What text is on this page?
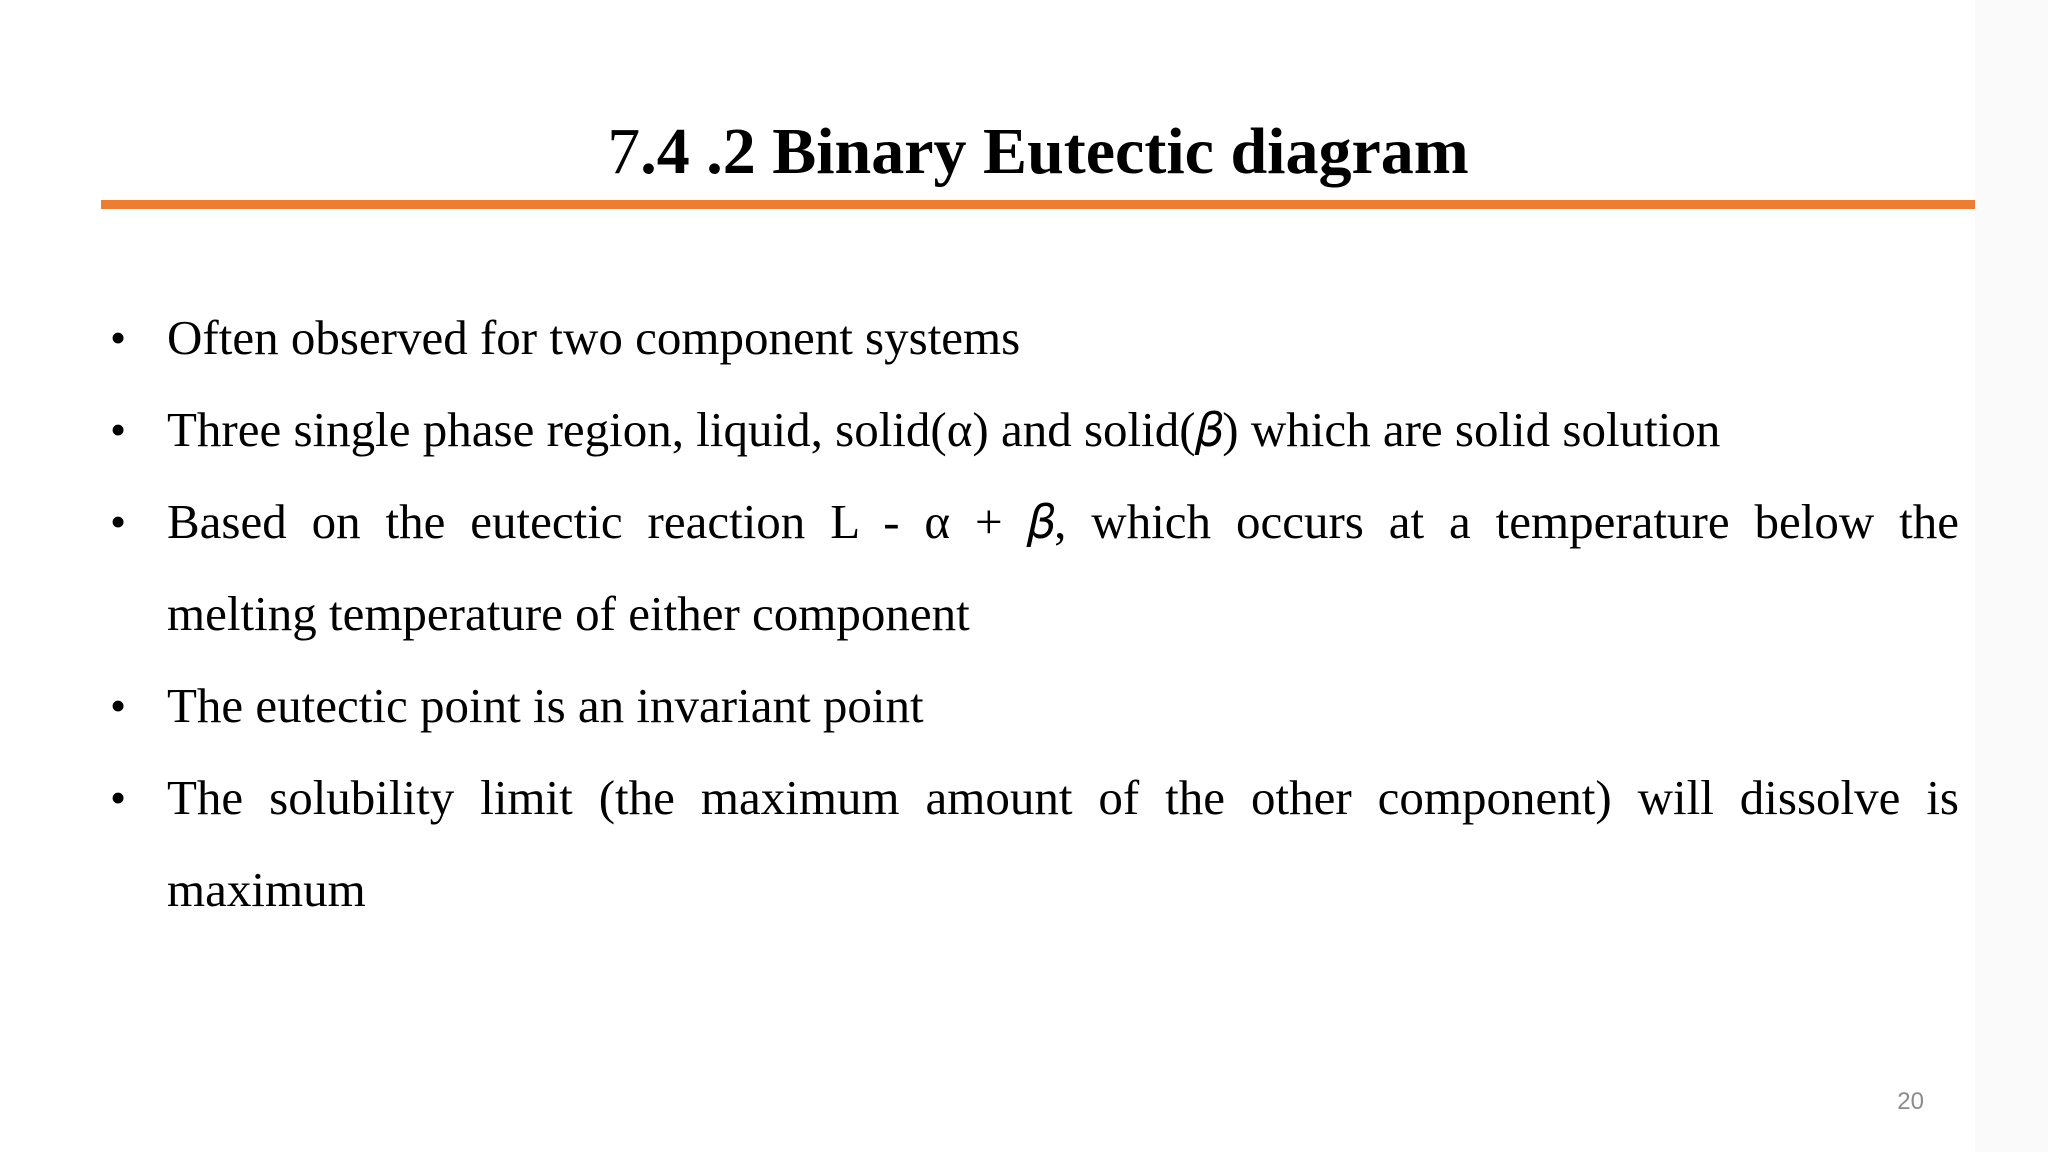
7.4 .2 Binary Eutectic diagram
• Often observed for two component systems
• Three single phase region, liquid, solid(α) and solid(𝛽) which are solid solution
• Based on the eutectic reaction L - α + 𝛽, which occurs at a temperature below the
melting temperature of either component
• The eutectic point is an invariant point
• The solubility limit (the maximum amount of the other component) will dissolve is
maximum
20
